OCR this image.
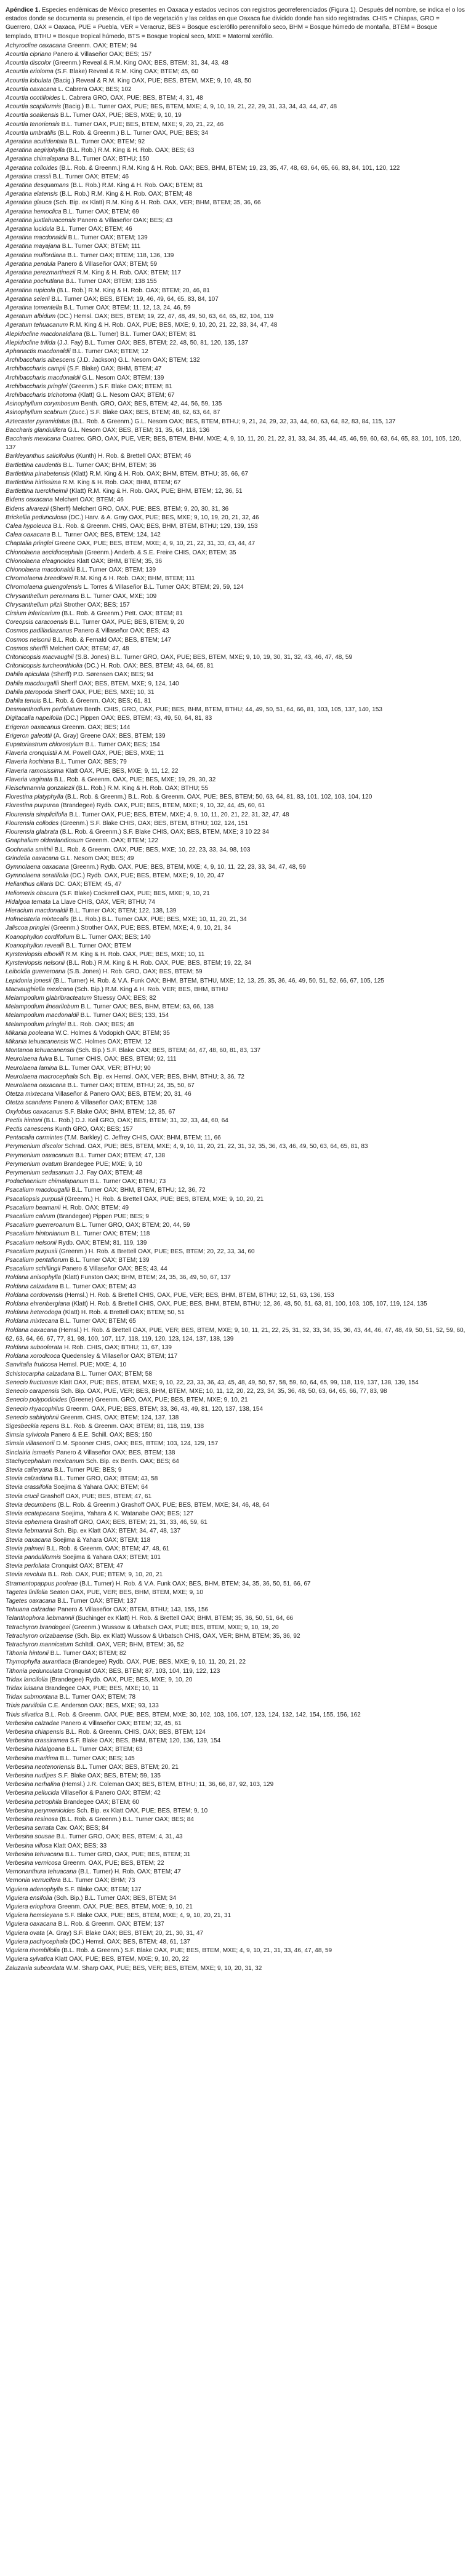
Apéndice 1. Especies endémicas de México presentes en Oaxaca y estados vecinos con registros georreferenciados (Figura 1). Después del nombre, se indica el o los estados donde se documenta su presencia, el tipo de vegetación y las celdas en que Oaxaca fue dividido donde han sido registradas. CHIS = Chiapas, GRO = Guerrero, OAX = Oaxaca, PUE = Puebla, VER = Veracruz, BES = Bosque esclerófilo perennifolio seco, BHM = Bosque húmedo de montaña, BTEM = Bosque templado, BTHU = Bosque tropical húmedo, BTS = Bosque tropical seco, MXE = Matorral xerófilo.

Achyrocline oaxacana Greenm. OAX; BTEM; 94
Acourtia cipriano Panero & Villaseñor OAX; BES; 157
Acourtia discolor (Greenm.) Reveal & R.M. King OAX; BES, BTEM; 31, 34, 43, 48
Acourtia erioloma (S.F. Blake) Reveal & R.M. King OAX; BTEM; 45, 60
Acourtia lobulata (Bacig.) Reveal & R.M. King OAX, PUE; BES, BTEM, MXE; 9, 10, 48, 50
Acourtia oaxacana L. Cabrera OAX; BES; 102
Acourtia ocotilloides L. Cabrera GRO, OAX, PUE; BES, BTEM; 4, 31, 48
Acourtia scapiformis (Bacig.) B.L. Turner OAX, PUE; BES, BTEM, MXE; 4, 9, 10, 19, 21, 22, 29, 31, 33, 34, 43, 44, 47, 48
Acourtia soalkensis B.L. Turner OAX, PUE; BES, MXE; 9, 10, 19
Acourtia tenoriensis B.L. Turner OAX, PUE; BES, BTEM, MXE; 9, 20, 21, 22, 46
Acourtia umbratilis (B.L. Rob. & Greenm.) B.L. Turner OAX, PUE; BES; 34
Ageratina acutidentata B.L. Turner OAX; BTEM; 92
Ageratina aegiriphylla (B.L. Rob.) R.M. King & H. Rob. OAX; BES; 63
Ageratina chimalapana B.L. Turner OAX; BTHU; 150
Ageratina colloides (B.L. Rob. & Greenm.) R.M. King & H. Rob. OAX; BES, BHM, BTEM; 19, 23, 35, 47, 48, 63, 64, 65, 66, 83, 84, 101, 120, 122
Ageratina crassii B.L. Turner OAX; BTEM; 46
Ageratina desquamans (B.L. Rob.) R.M. King & H. Rob. OAX; BTEM; 81
Ageratina elatensis (B.L. Rob.) R.M. King & H. Rob. OAX; BTEM; 48
Ageratina glauca (Sch. Bip. ex Klatt) R.M. King & H. Rob. OAX, VER; BHM, BTEM; 35, 36, 66
Ageratina hemoclica B.L. Turner OAX; BTEM; 69
Ageratina juxtlahuacensis Panero & Villaseñor OAX; BES; 43
Ageratina lucidula B.L. Turner OAX; BTEM; 46
Ageratina macdonaldii B.L. Turner OAX; BTEM; 139
Ageratina mayajana B.L. Turner OAX; BTEM; 111
Ageratina mulfordiana B.L. Turner OAX; BTEM; 118, 136, 139
Ageratina pendula Panero & Villaseñor OAX; BTEM; 59
Ageratina perezmartinezii R.M. King & H. Rob. OAX; BTEM; 117
Ageratina pochutlana B.L. Turner OAX; BTEM; 138 155
Ageratina rupicola (B.L. Rob.) R.M. King & H. Rob. OAX; BTEM; 20, 46, 81
Ageratina selerii B.L. Turner OAX; BES, BTEM; 19, 46, 49, 64, 65, 83, 84, 107
Ageratina tomentella B.L. Turner OAX; BTEM; 11, 12, 13, 24, 46, 59
Ageratum albidum (DC.) Hemsl. OAX; BES, BTEM; 19, 22, 47, 48, 49, 50, 63, 64, 65, 82, 104, 119
Ageratum tehuacanum R.M. King & H. Rob. OAX, PUE; BES, MXE; 9, 10, 20, 21, 22, 33, 34, 47, 48
Alepidocline macdonaldiana (B.L. Turner) B.L. Turner OAX; BTEM; 81
Alepidocline trifida (J.J. Fay) B.L. Turner OAX; BES, BTEM; 22, 48, 50, 81, 120, 135, 137
Aphanactis macdonaldii B.L. Turner OAX; BTEM; 12
Archibaccharis albescens (J.D. Jackson) G.L. Nesom OAX; BTEM; 132
Archibaccharis campii (S.F. Blake) OAX; BHM, BTEM; 47
Archibaccharis macdonaldii G.L. Nesom OAX; BTEM; 139
Archibaccharis pringlei (Greenm.) S.F. Blake OAX; BTEM; 81
Archibaccharis trichotoma (Klatt) G.L. Nesom OAX; BTEM; 67
Asinophyllum corymbosum Benth. GRO, OAX; BES, BTEM; 42, 44, 56, 59, 135
Asinophyllum scabrum (Zucc.) S.F. Blake OAX; BES, BTEM; 48, 62, 63, 64, 87
Aztecaster pyramidatus (B.L. Rob. & Greenm.) G.L. Nesom OAX; BES, BTEM, BTHU; 9, 21, 24, 29, 32, 33, 44, 60, 63, 64, 82, 83, 84, 115, 137
Baccharis glandulifera G.L. Nesom OAX; BES, BTEM; 31, 35, 64, 118, 136
Baccharis mexicana Cuatrec. GRO, OAX, PUE, VER; BES, BTEM, BHM, MXE; 4, 9, 10, 11, 20, 21, 22, 31, 33, 34, 35, 44, 45, 46, 59, 60, 63, 64, 65, 83, 101, 105, 120, 137
Barkleyanthus salicifolius (Kunth) H. Rob. & Brettell OAX; BTEM; 46
Bartlettina caudentis B.L. Turner OAX; BHM, BTEM; 36
Bartlettina pinabetensis (Klatt) R.M. King & H. Rob. OAX; BHM, BTEM, BTHU; 35, 66, 67
Bartlettina hirtissima R.M. King & H. Rob. OAX; BHM, BTEM; 67
Bartlettina tuerckheimii (Klatt) R.M. King & H. Rob. OAX, PUE; BHM, BTEM; 12, 36, 51
Bidens oaxacana Melchert OAX; BTEM; 46
Bidens alvarezii (Sherff) Melchert GRO, OAX, PUE; BES, BTEM; 9, 20, 30, 31, 36
Brickellia pedunculosa (DC.) Harv. & A. Gray OAX, PUE; BES, MXE; 9, 10, 19, 20, 21, 32, 46
Calea hypoleuca B.L. Rob. & Greenm. CHIS, OAX; BES, BHM, BTEM, BTHU; 129, 139, 153
Calea oaxacana B.L. Turner OAX; BES, BTEM; 124, 142
Chaptalia pringlei Greene OAX, PUE; BES, BTEM, MXE; 4, 9, 10, 21, 22, 31, 33, 43, 44, 47
Chionolaena aecidiocephala (Greenm.) Anderb. & S.E. Freire CHIS, OAX; BTEM; 35
Chionolaena eleagnoides Klatt OAX; BHM, BTEM; 35, 36
Chionolaena macdonaldii B.L. Turner OAX; BTEM; 139
Chromolaena breedlovei R.M. King & H. Rob. OAX; BHM, BTEM; 111
Chromolaena guiengolensis L. Torres & Villaseñor B.L. Turner OAX; BTEM; 29, 59, 124
Chrysanthellum perennans B.L. Turner OAX, MXE; 109
Chrysanthellum pilzii Strother OAX; BES; 157
Cirsium infericarium (B.L. Rob. & Greenm.) Pett. OAX; BTEM; 81
Coreopsis caracoensis B.L. Turner OAX, PUE; BES, BTEM; 9, 20
Cosmos padilladiazanus Panero & Villaseñor OAX; BES; 43
Cosmos nelsonii B.L. Rob. & Fernald OAX; BES, BTEM; 147
Cosmos sherffii Melchert OAX; BTEM; 47, 48
Critonicopsis macvaughii (S.B. Jones) B.L. Turner GRO, OAX, PUE; BES, BTEM, MXE; 9, 10, 19, 30, 31, 32, 43, 46, 47, 48, 59
Critonicopsis turcheonthiolia (DC.) H. Rob. OAX; BES, BTEM; 43, 64, 65, 81
Dahlia apiculata (Sherff) P.D. Sørensen OAX; BES; 94
Dahlia macdougallii Sherff OAX; BES, BTEM, MXE; 9, 124, 140
Dahlia pteropoda Sherff OAX, PUE; BES, MXE; 10, 31
Dahlia tenuis B.L. Rob. & Greenm. OAX; BES; 61, 81
Desmanthodium perfoliatum Benth. CHIS, GRO, OAX, PUE; BES, BHM, BTEM, BTHU; 44, 49, 50, 51, 64, 66, 81, 103, 105, 137, 140, 153
Digitacalia napeifolia (DC.) Pippen OAX; BES, BTEM; 43, 49, 50, 64, 81, 83
Erigeron oaxacanus Greenm. OAX; BES; 144
Erigeron galeottii (A. Gray) Greene OAX; BES, BTEM; 139
Eupatoriastrum chlorostylum B.L. Turner OAX; BES; 154
Flaveria cronquistii A.M. Powell OAX, PUE; BES, MXE; 11
Flaveria kochiana B.L. Turner OAX; BES; 79
Flaveria ramosissima Klatt OAX, PUE; BES, MXE; 9, 11, 12, 22
Flaveria vaginata B.L. Rob. & Greenm. OAX, PUE; BES, MXE; 19, 29, 30, 32
Fleischmannia gonzalezii (B.L. Rob.) R.M. King & H. Rob. OAX; BTHU; 55
Florestina platyphylla (B.L. Rob. & Greenm.) B.L. Rob. & Greenm. OAX, PUE; BES, BTEM; 50, 63, 64, 81, 83, 101, 102, 103, 104, 120
Florestina purpurea (Brandegee) Rydb. OAX, PUE; BES, BTEM, MXE; 9, 10, 32, 44, 45, 60, 61
Flourensia simplicifolia B.L. Turner OAX, PUE; BES, BTEM, MXE; 4, 9, 10, 11, 20, 21, 22, 31, 32, 47, 48
Flourensia collodes (Greenm.) S.F. Blake CHIS, OAX; BES, BTEM, BTHU; 102, 124, 151
Flourensia glabrata (B.L. Rob. & Greenm.) S.F. Blake CHIS, OAX; BES, BTEM, MXE; 3 10 22 34
Gnaphalium oldenlandiosum Greenm. OAX; BTEM; 122
Gochnatia smithii B.L. Rob. & Greenm. OAX, PUE; BES, MXE; 10, 22, 23, 33, 34, 98, 103
Grindelia oaxacana G.L. Nesom OAX; BES; 49
Gymnolaena oaxacana (Greenm.) Rydb. OAX, PUE; BES, BTEM, MXE; 4, 9, 10, 11, 22, 23, 33, 34, 47, 48, 59
Gymnolaena seratifolia (DC.) Rydb. OAX, PUE; BES, BTEM, MXE; 9, 10, 20, 47
Helianthus ciliaris DC. OAX; BTEM; 45, 47
Heliomeris obscura (S.F. Blake) Cockerell OAX, PUE; BES, MXE; 9, 10, 21
Hidalgoa ternata La Llave CHIS, OAX, VER; BTHU; 74
Hieracium macdonaldii B.L. Turner OAX; BTEM; 122, 138, 139
Hofmeisteria mixtecalis (B.L. Rob.) B.L. Turner OAX, PUE; BES, MXE; 10, 11, 20, 21, 34
Jaliscoa pringlei (Greenm.) Strother OAX, PUE; BES, BTEM, MXE; 4, 9, 10, 21, 34
Koanophyllon cordifolium B.L. Turner OAX; BES; 140
Koanophyllon revealii B.L. Turner OAX; BTEM
Kyrsteniopsis elbovilli R.M. King & H. Rob. OAX, PUE; BES, MXE; 10, 11
Kyrsteniopsis nelsonii (B.L. Rob.) R.M. King & H. Rob. OAX, PUE; BES, BTEM; 19, 22, 34
Leiboldia guerreroana (S.B. Jones) H. Rob. GRO, OAX; BES, BTEM; 59
Lepidonia jonesii (B.L. Turner) H. Rob. & V.A. Funk OAX; BHM, BTEM, BTHU, MXE; 12, 13, 25, 35, 36, 46, 49, 50, 51, 52, 66, 67, 105, 125
Macvaughiella mexicana (Sch. Bip.) R.M. King & H. Rob. VER; BES, BHM, BTHU
Melampodium glabribracteatum Stuessy OAX; BES; 82
Melampodium linearilobum B.L. Turner OAX; BES, BHM, BTEM; 63, 66, 138
Melampodium macdonaldii B.L. Turner OAX; BES; 133, 154
Melampodium pringlei B.L. Rob. OAX; BES; 48
Mikania pooleana W.C. Holmes & Vodopich OAX; BTEM; 35
Mikania tehuacanensis W.C. Holmes OAX; BTEM; 12
Montanoa tehuacanensis (Sch. Bip.) S.F. Blake OAX; BES, BTEM; 44, 47, 48, 60, 81, 83, 137
Neurolaena fulva B.L. Turner CHIS, OAX; BES, BTEM; 92, 111
Neurolaena lamina B.L. Turner OAX, VER; BTHU; 90
Neurolaena macrocephala Sch. Bip. ex Hemsl. OAX, VER; BES, BHM, BTHU; 3, 36, 72
Neurolaena oaxacana B.L. Turner OAX; BTEM, BTHU; 24, 35, 50, 67
Otetza mixtecana Villaseñor & Panero OAX; BES, BTEM; 20, 31, 46
Otetza scandens Panero & Villaseñor OAX; BTEM; 138
Oxylobus oaxacanus S.F. Blake OAX; BHM, BTEM; 12, 35, 67
Pectis hintoni (B.L. Rob.) D.J. Keil GRO, OAX; BES, BTEM; 31, 32, 33, 44, 60, 64
Pectis canescens Kunth GRO, OAX; BES; 157
Pentacalia carmintes (T.M. Barkley) C. Jeffrey CHIS, OAX; BHM, BTEM; 11, 66
Perymenium discolor Schrad. OAX, PUE; BES, BTEM, MXE; 4, 9, 10, 11, 20, 21, 22, 31, 32, 35, 36, 43, 46, 49, 50, 63, 64, 65, 81, 83
Perymenium oaxacanum B.L. Turner OAX; BTEM; 47, 138
Perymenium ovatum Brandegee PUE; MXE; 9, 10
Perymenium sedasanum J.J. Fay OAX; BTEM; 48
Podachaenium chimalapanum B.L. Turner OAX; BTHU; 73
Psacalium macdougallii B.L. Turner OAX; BHM, BTEM, BTHU; 12, 36, 72
Psacaliopsis purpusii (Greenm.) H. Rob. & Brettell OAX, PUE; BES, BTEM, MXE; 9, 10, 20, 21
Psacalium beamanii H. Rob. OAX; BTEM; 49
Psacalium calvum (Brandegee) Pippen PUE; BES; 9
Psacalium guerreroanum B.L. Turner GRO, OAX; BTEM; 20, 44, 59
Psacalium hintonianum B.L. Turner OAX; BTEM; 118
Psacalium nelsonii Rydb. OAX; BTEM; 81, 119, 139
Psacalium purpusii (Greenm.) H. Rob. & Brettell OAX, PUE; BES, BTEM; 20, 22, 33, 34, 60
Psacalium pentaflorum B.L. Turner OAX; BTEM; 139
Psacalium schillingii Panero & Villaseñor OAX; BES; 43, 44
Roldana anisophylla (Klatt) Funston OAX; BHM, BTEM; 24, 35, 36, 49, 50, 67, 137
Roldana calzadana B.L. Turner OAX; BTEM; 43
Roldana cordovensis (Hemsl.) H. Rob. & Brettell CHIS, OAX, PUE, VER; BES, BHM, BTEM, BTHU; 12, 51, 63, 136, 153
Roldana ehrenbergiana (Klatt) H. Rob. & Brettell CHIS, OAX, PUE; BES, BHM, BTEM, BTHU; 12, 36, 48, 50, 51, 63, 81, 100, 103, 105, 107, 119, 124, 135
Roldana heterodoga (Klatt) H. Rob. & Brettell OAX; BTEM; 50, 51
Roldana mixtecana B.L. Turner OAX; BTEM; 65
Roldana oaxacana (Hemsl.) H. Rob. & Brettell OAX, PUE, VER; BES, BTEM, MXE; 9, 10, 11, 21, 22, 25, 31, 32, 33, 34, 35, 36, 43, 44, 46, 47, 48, 49, 50, 51, 52, 59, 60, 62, 63, 64, 66, 67, 77, 81, 98, 100, 107, 117, 118, 119, 120, 123, 124, 137, 138, 139
Roldana suboolerata H. Rob. CHIS, OAX; BTHU; 11, 67, 139
Roldana xorodicoca Quedensley & Villaseñor OAX; BTEM; 117
Sanvitalia fruticosa Hemsl. PUE; MXE; 4, 10
Schistocarpha calzadana B.L. Turner OAX; BTEM; 58
Senecio fructuosus Klatt OAX, PUE; BES, BTEM, MXE; 9, 10, 22, 23, 33, 36, 43, 45, 48, 49, 50, 57, 58, 59, 60, 64, 65, 99, 118, 119, 137, 138, 139, 154
Senecio carapensis Sch. Bip. OAX, PUE, VER; BES, BHM, BTEM, MXE; 10, 11, 12, 20, 22, 23, 34, 35, 36, 48, 50, 63, 64, 65, 66, 77, 83, 98
Senecio polypodioides (Greene) Greenm. GRO, OAX, PUE; BES, BTEM, MXE; 9, 10, 21
Senecio rhyacophilus Greenm. OAX, PUE; BES, BTEM; 33, 36, 43, 49, 81, 120, 137, 138, 154
Senecio sabinjohnii Greenm. CHIS, OAX; BTEM; 124, 137, 138
Sigesbeckia repens B.L. Rob. & Greenm. OAX; BTEM; 81, 118, 119, 138
Simsia sylvicola Panero & E.E. Schill. OAX; BES; 150
Simsia villasenorii D.M. Spooner CHIS, OAX; BES, BTEM; 103, 124, 129, 157
Sinclairia ismaelis Panero & Villaseñor OAX; BES, BTEM; 138
Stachycephalum mexicanum Sch. Bip. ex Benth. OAX; BES; 64
Stevia calleryana B.L. Turner PUE; BES; 9
Stevia calzadana B.L. Turner GRO, OAX; BTEM; 43, 58
Stevia crassifolia Soejima & Yahara OAX; BTEM; 64
Stevia crucii Grashoff OAX, PUE; BES, BTEM; 47, 61
Stevia decumbens (B.L. Rob. & Greenm.) Grashoff OAX, PUE; BES, BTEM, MXE; 34, 46, 48, 64
Stevia ecatepecana Soejima, Yahara & K. Watanabe OAX; BES; 127
Stevia ephemera Grashoff GRO, OAX; BES, BTEM; 21, 31, 33, 46, 59, 61
Stevia liebmannii Sch. Bip. ex Klatt OAX; BTEM; 34, 47, 48, 137
Stevia oaxacana Soejima & Yahara OAX; BTEM; 118
Stevia palmeri B.L. Rob. & Greenm. OAX; BTEM; 47, 48, 61
Stevia panduliformis Soejima & Yahara OAX; BTEM; 101
Stevia perfoliata Cronquist OAX; BTEM; 47
Stevia revoluta B.L. Rob. OAX, PUE; BTEM; 9, 10, 20, 21
Stramentopappus pooleae (B.L. Turner) H. Rob. & V.A. Funk OAX; BES, BHM, BTEM; 34, 35, 36, 50, 51, 66, 67
Tagetes linifolia Seaton OAX, PUE, VER; BES, BHM, BTEM, MXE; 9, 10
Tagetes oaxacana B.L. Turner OAX; BTEM; 137
Tehuana calzadae Panero & Villaseñor OAX; BTEM, BTHU; 143, 155, 156
Telanthophora liebmannii (Buchinger ex Klatt) H. Rob. & Brettell OAX; BHM, BTEM; 35, 36, 50, 51, 64, 66
Tetrachyron brandegeei (Greenm.) Wussow & Urbatsch OAX, PUE; BES, BTEM, MXE; 9, 10, 19, 20
Tetrachyron orizabaense (Sch. Bip. ex Klatt) Wussow & Urbatsch CHIS, OAX, VER; BHM, BTEM; 35, 36, 92
Tetrachyron mannicatum Schltdl. OAX, VER; BHM, BTEM; 36, 52
Tithonia hintonii B.L. Turner OAX; BTEM; 82
Thymophylla aurantiaca (Brandegee) Rydb. OAX, PUE; BES, MXE; 9, 10, 11, 20, 21, 22
Tithonia pedunculata Cronquist OAX; BES, BTEM; 87, 103, 104, 119, 122, 123
Tridax lancifolia (Brandegee) Rydb. OAX, PUE; BES, MXE; 9, 10, 20
Tridax luisana Brandegee OAX, PUE; BES, MXE; 10, 11
Tridax submontana B.L. Turner OAX; BTEM; 78
Trixis parvifolia C.E. Anderson OAX; BES, MXE; 93, 133
Trixis silvatica B.L. Rob. & Greenm. OAX, PUE; BES, BTEM, MXE; 30, 102, 103, 106, 107, 123, 124, 132, 142, 154, 155, 156, 162
Verbesina calzadae Panero & Villaseñor OAX; BTEM; 32, 45, 61
Verbesina chiapensis B.L. Rob. & Greenm. CHIS, OAX; BES, BTEM; 124
Verbesina crassiramea S.F. Blake OAX; BES, BHM, BTEM; 120, 136, 139, 154
Verbesina hidalgoana B.L. Turner OAX; BTEM; 63
Verbesina maritima B.L. Turner OAX; BES; 145
Verbesina neotenoriensis B.L. Turner OAX; BES, BTEM; 20, 21
Verbesina nudipes S.F. Blake OAX; BES, BTEM; 59, 135
Verbesina nerhalina (Hemsl.) J.R. Coleman OAX; BES, BTEM, BTHU; 11, 36, 66, 87, 92, 103, 129
Verbesina pellucida Villaseñor & Panero OAX; BTEM; 42
Verbesina petrophila Brandegee OAX; BTEM; 60
Verbesina perymenioides Sch. Bip. ex Klatt OAX, PUE; BES, BTEM; 9, 10
Verbesina resinosa (B.L. Rob. & Greenm.) B.L. Turner OAX; BES; 84
Verbesina serrata Cav. OAX; BES; 84
Verbesina sousae B.L. Turner GRO, OAX; BES, BTEM; 4, 31, 43
Verbesina villosa Klatt OAX; BES; 33
Verbesina tehuacana B.L. Turner GRO, OAX, PUE; BES, BTEM; 31
Verbesina vernicosa Greenm. OAX, PUE; BES, BTEM; 22
Vernonanthura tehuacana (B.L. Turner) H. Rob. OAX; BTEM; 47
Vernonia verrucifera B.L. Turner OAX; BHM; 73
Viguiera adenophylla S.F. Blake OAX; BTEM; 137
Viguiera ensifolia (Sch. Bip.) B.L. Turner OAX; BES, BTEM; 34
Viguiera eriophora Greenm. OAX, PUE; BES, BTEM, MXE; 9, 10, 21
Viguiera hemsleyana S.F. Blake OAX, PUE; BES, BTEM, MXE; 4, 9, 10, 20, 21, 31
Viguiera oaxacana B.L. Rob. & Greenm. OAX; BTEM; 137
Viguiera ovata (A. Gray) S.F. Blake OAX; BES, BTEM; 20, 21, 30, 31, 47
Viguiera pachycephala (DC.) Hemsl. OAX; BES, BTEM; 48, 61, 137
Viguiera rhombifolia (B.L. Rob. & Greenm.) S.F. Blake OAX, PUE; BES, BTEM, MXE; 4, 9, 10, 21, 31, 33, 46, 47, 48, 59
Viguiera sylvatica Klatt OAX, PUE; BES, BTEM, MXE; 9, 10, 20, 22
Zaluzania subcordata W.M. Sharp OAX, PUE; BES, VER; BES, BTEM, MXE; 9, 10, 20, 31, 32
